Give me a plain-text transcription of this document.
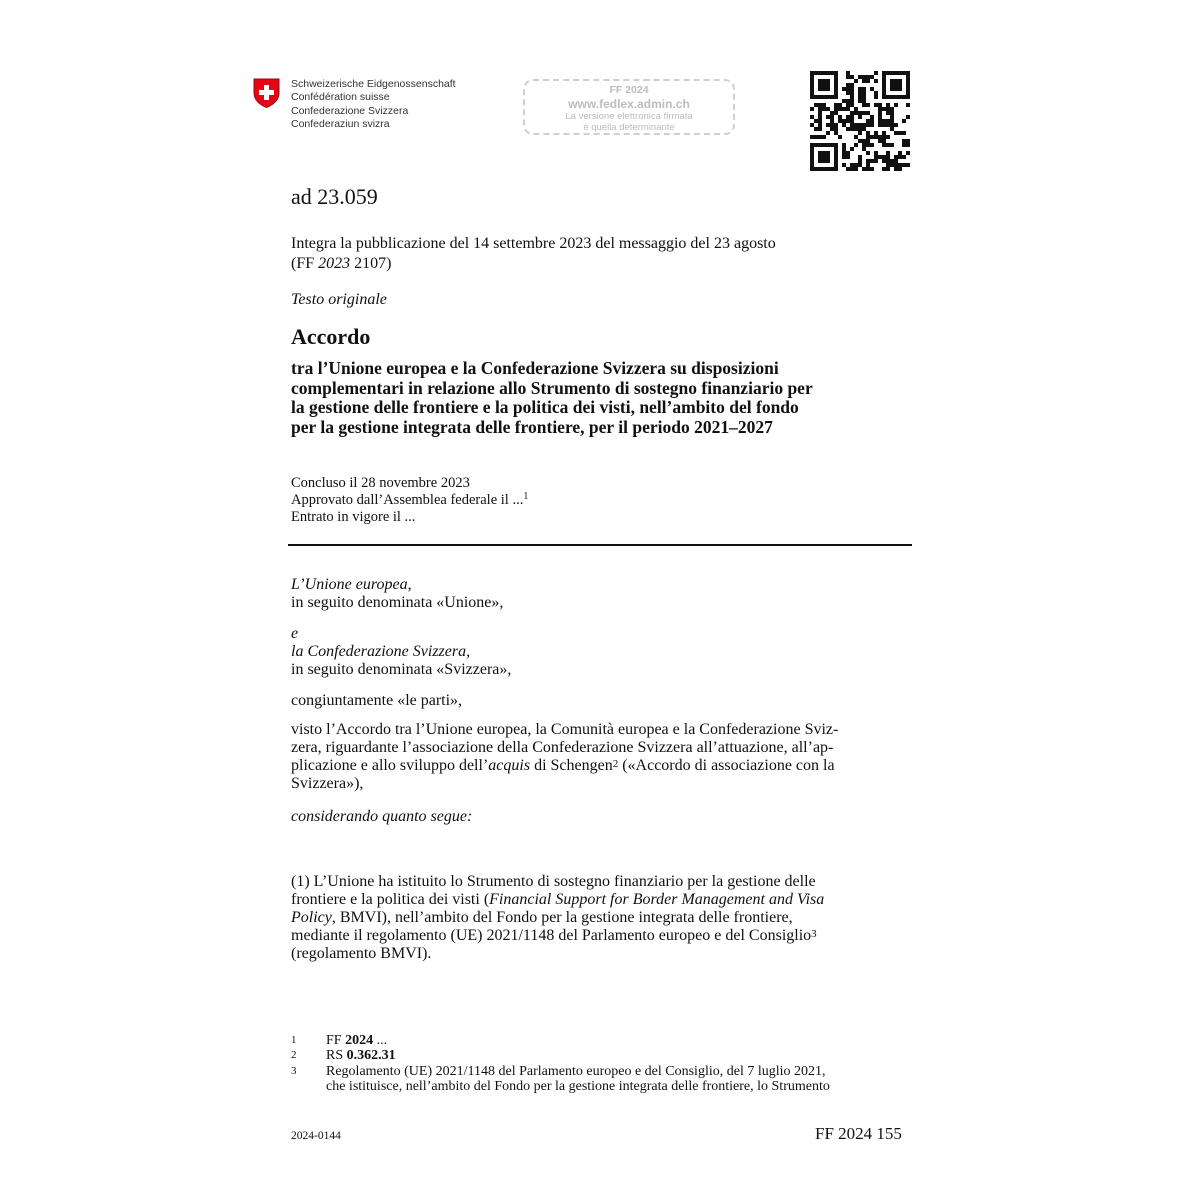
Schweizerische Eidgenossenschaft
Confédération suisse
Confederazione Svizzera
Confederaziun svizra
FF 2024
www.fedlex.admin.ch
La versione elettronica firmata
è quella determinante
ad 23.059
Integra la pubblicazione del 14 settembre 2023 del messaggio del 23 agosto
(FF 2023 2107)
Testo originale
Accordo
tra l’Unione europea e la Confederazione Svizzera su disposizioni
complementari in relazione allo Strumento di sostegno finanziario per
la gestione delle frontiere e la politica dei visti, nell’ambito del fondo
per la gestione integrata delle frontiere, per il periodo 2021–2027
Concluso il 28 novembre 2023
Approvato dall’Assemblea federale il ...$^1$
Entrato in vigore il ...
L’Unione europea,
in seguito denominata «Unione»,
e
la Confederazione Svizzera,
in seguito denominata «Svizzera»,
congiuntamente «le parti»,
visto l’Accordo tra l’Unione europea, la Comunità europea e la Confederazione Sviz-
zera, riguardante l’associazione della Confederazione Svizzera all’attuazione, all’ap-
plicazione e allo sviluppo dell’acquis di Schengen$^2$ («Accordo di associazione con la
Svizzera»),
considerando quanto segue:
(1) L’Unione ha istituito lo Strumento di sostegno finanziario per la gestione delle
frontiere e la politica dei visti (Financial Support for Border Management and Visa
Policy, BMVI), nell’ambito del Fondo per la gestione integrata delle frontiere,
mediante il regolamento (UE) 2021/1148 del Parlamento europeo e del Consiglio$^3$
(regolamento BMVI).
1	FF 2024 ...
2	RS 0.362.31
3	Regolamento (UE) 2021/1148 del Parlamento europeo e del Consiglio, del 7 luglio 2021,
che istituisce, nell’ambito del Fondo per la gestione integrata delle frontiere, lo Strumento
2024-0144	FF 2024 155
